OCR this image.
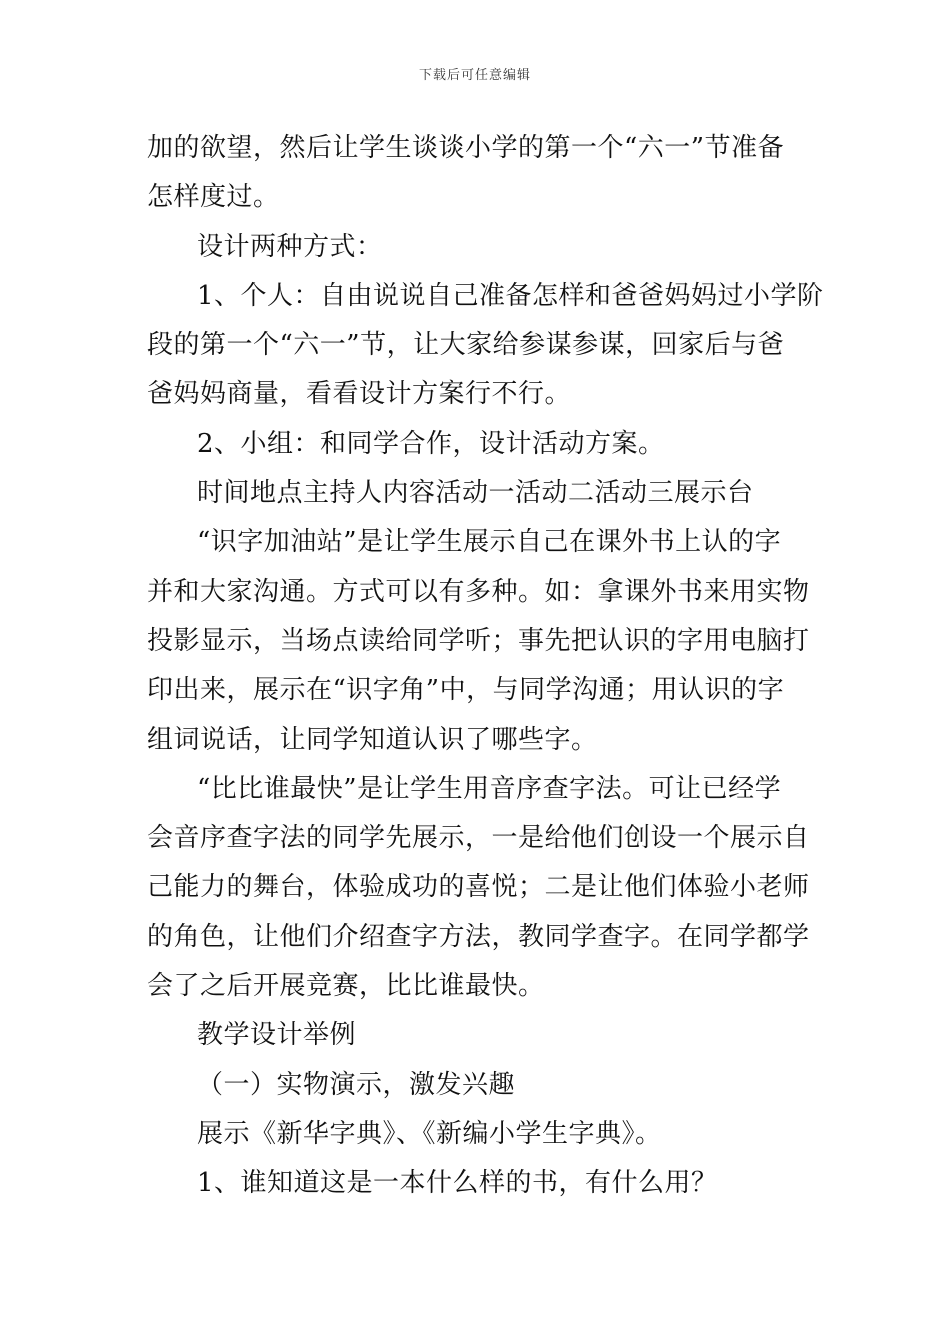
下载后可任意编辑
加的欲望，然后让学生谈谈小学的第一个“六一”节准备
怎样度过。
设计两种方式：
1、个人：自由说说自己准备怎样和爸爸妈妈过小学阶
段的第一个“六一”节，让大家给参谋参谋，回家后与爸
爸妈妈商量，看看设计方案行不行。
2、小组：和同学合作，设计活动方案。
时间地点主持人内容活动一活动二活动三展示台
“识字加油站”是让学生展示自己在课外书上认的字
并和大家沟通。方式可以有多种。如：拿课外书来用实物
投影显示，当场点读给同学听；事先把认识的字用电脑打
印出来，展示在“识字角”中，与同学沟通；用认识的字
组词说话，让同学知道认识了哪些字。
“比比谁最快”是让学生用音序查字法。可让已经学
会音序查字法的同学先展示，一是给他们创设一个展示自
己能力的舞台，体验成功的喜悦；二是让他们体验小老师
的角色，让他们介绍查字方法，教同学查字。在同学都学
会了之后开展竞赛，比比谁最快。
教学设计举例
（一）实物演示，激发兴趣
展示《新华字典》、《新编小学生字典》。
1、谁知道这是一本什么样的书，有什么用？
